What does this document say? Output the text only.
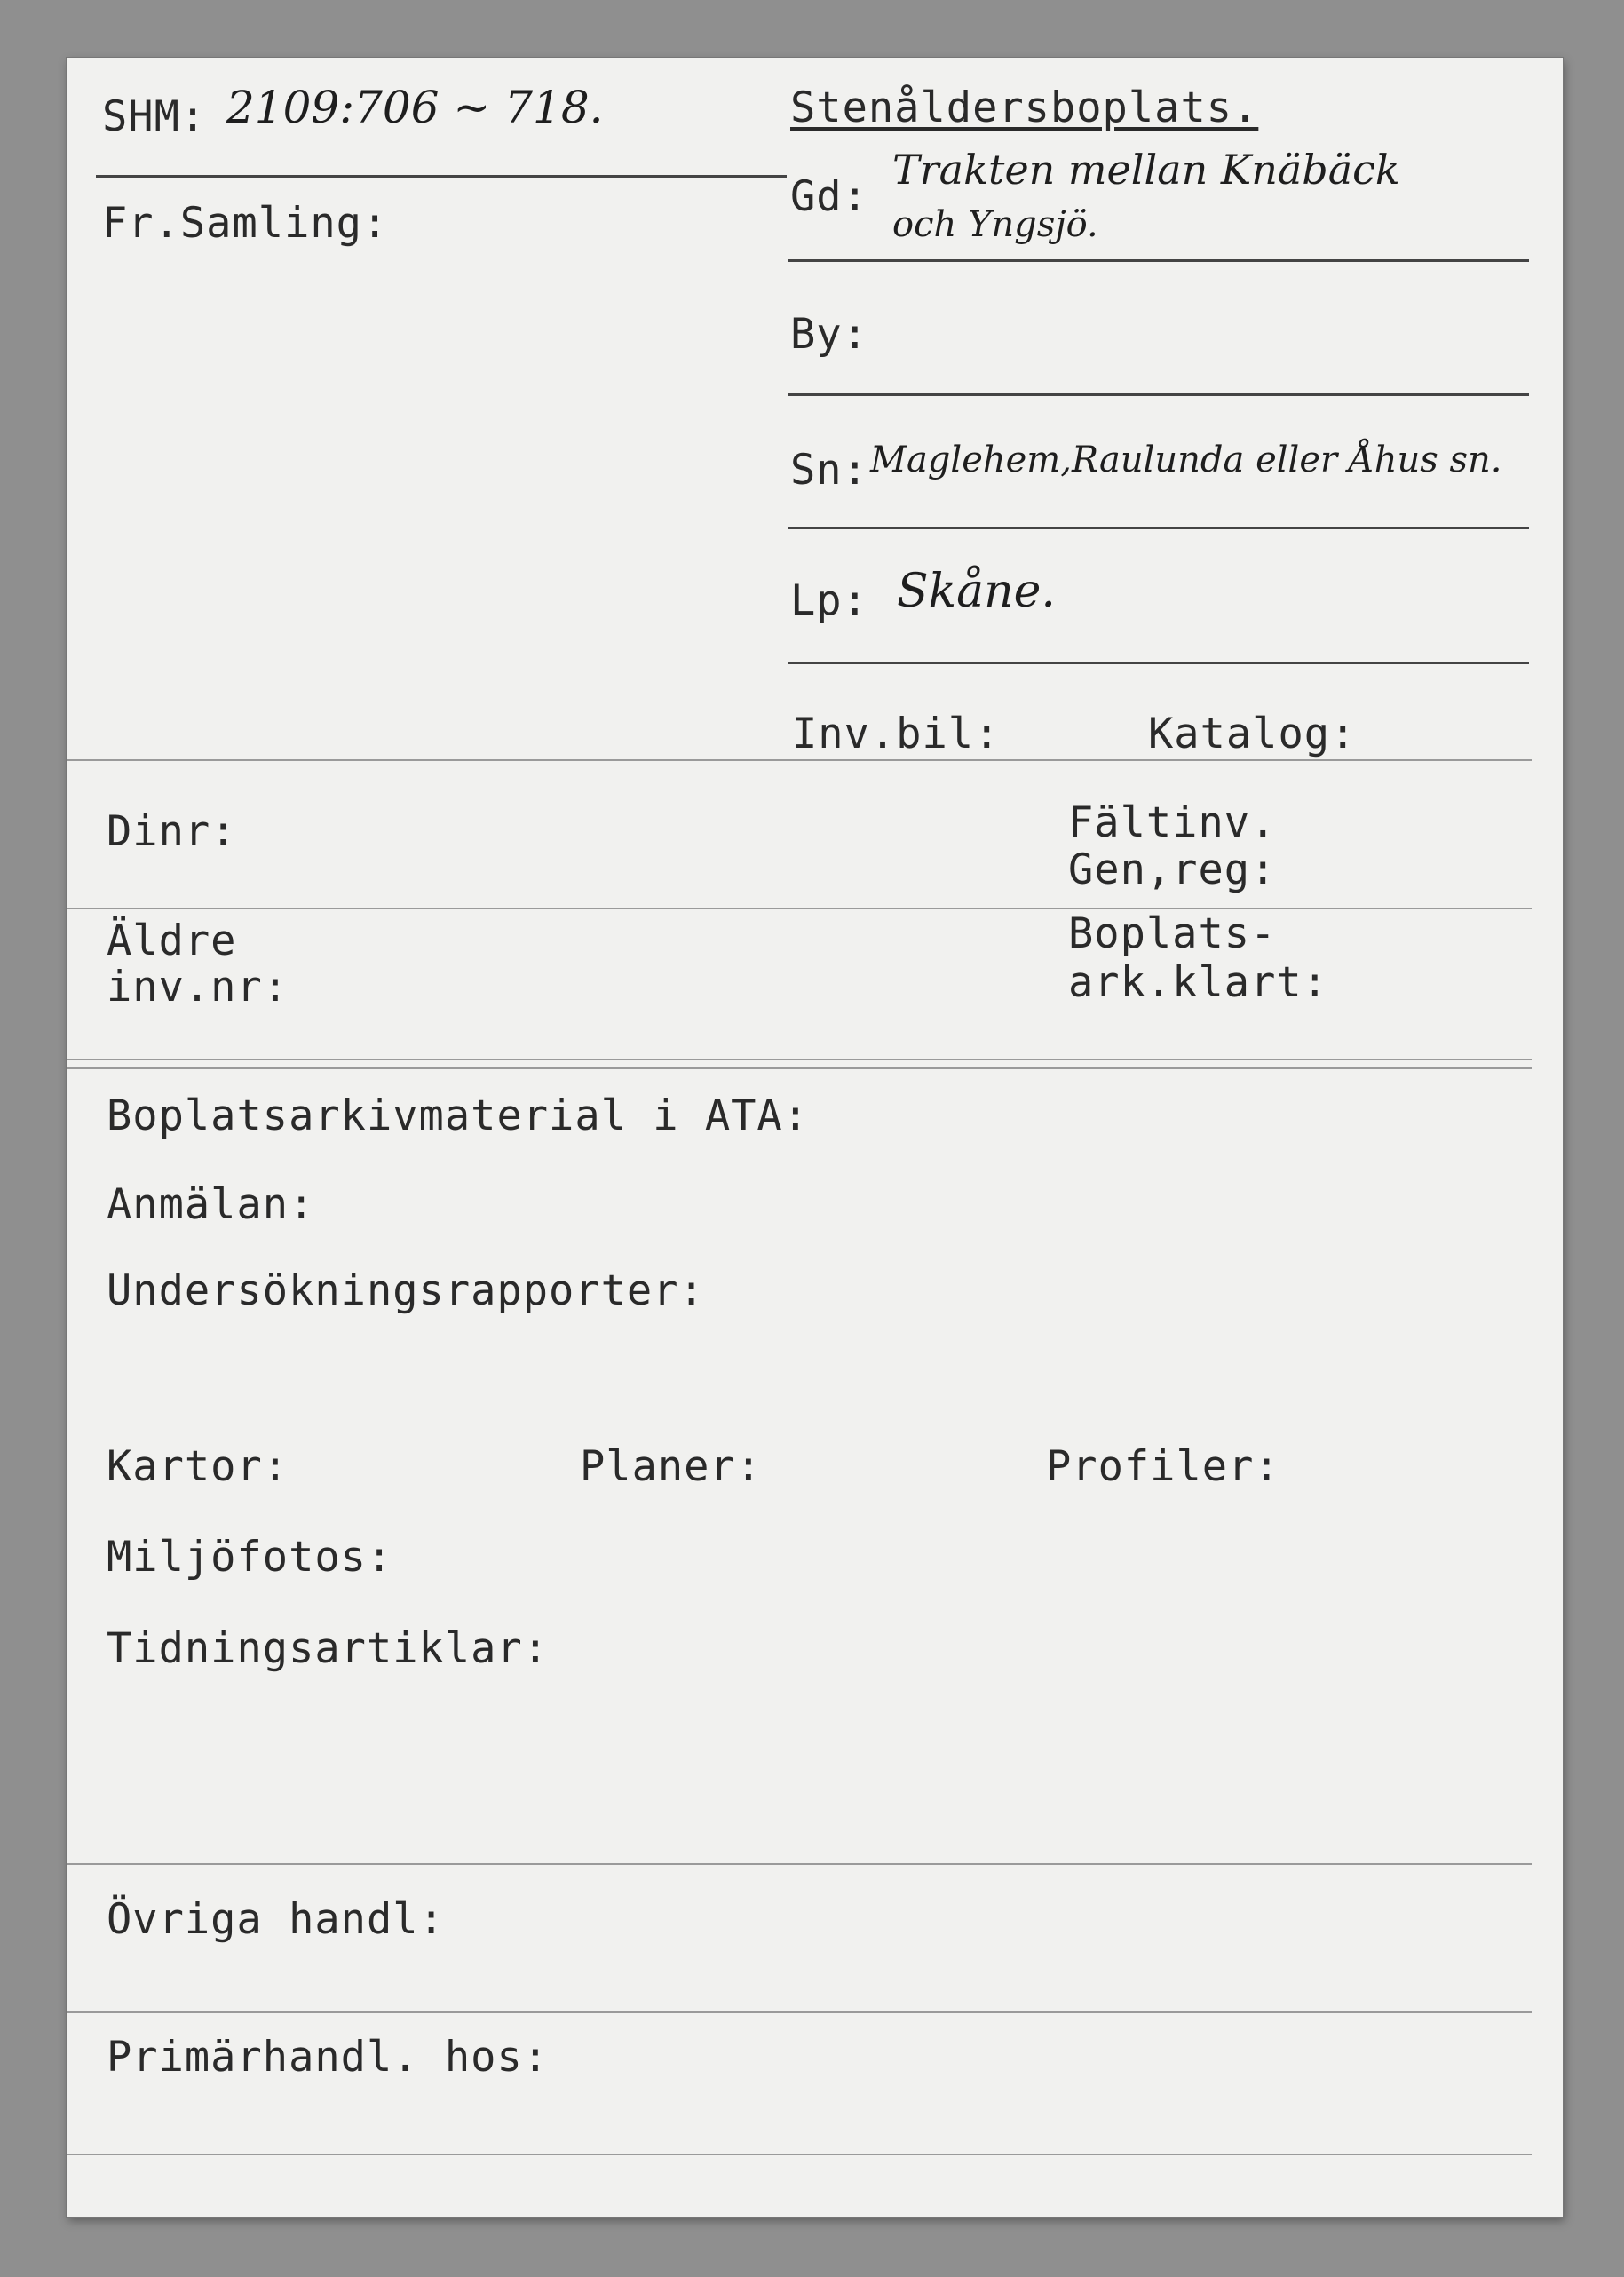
SHM: 2109:706 ~ 718.	Stenåldersboplats.
Fr.Samling:
Gd:
Trakten mellan Knäbäck
och Yngsjö.
By:
Sn: Maglehem,Raulunda eller Åhus sn.
Lp: Skåne.
Inv.bil:	Katalog:
Dinr:	Fältinv.
Gen,reg:
Äldre
inv.nr:
Boplats-
ark.klart:
Boplatsarkivmaterial i ATA:
Anmälan:
Undersökningsrapporter:
Kartor:	Planer:	Profiler:
Miljöfotos:
Tidningsartiklar:
Övriga handl:
Primärhandl. hos:
